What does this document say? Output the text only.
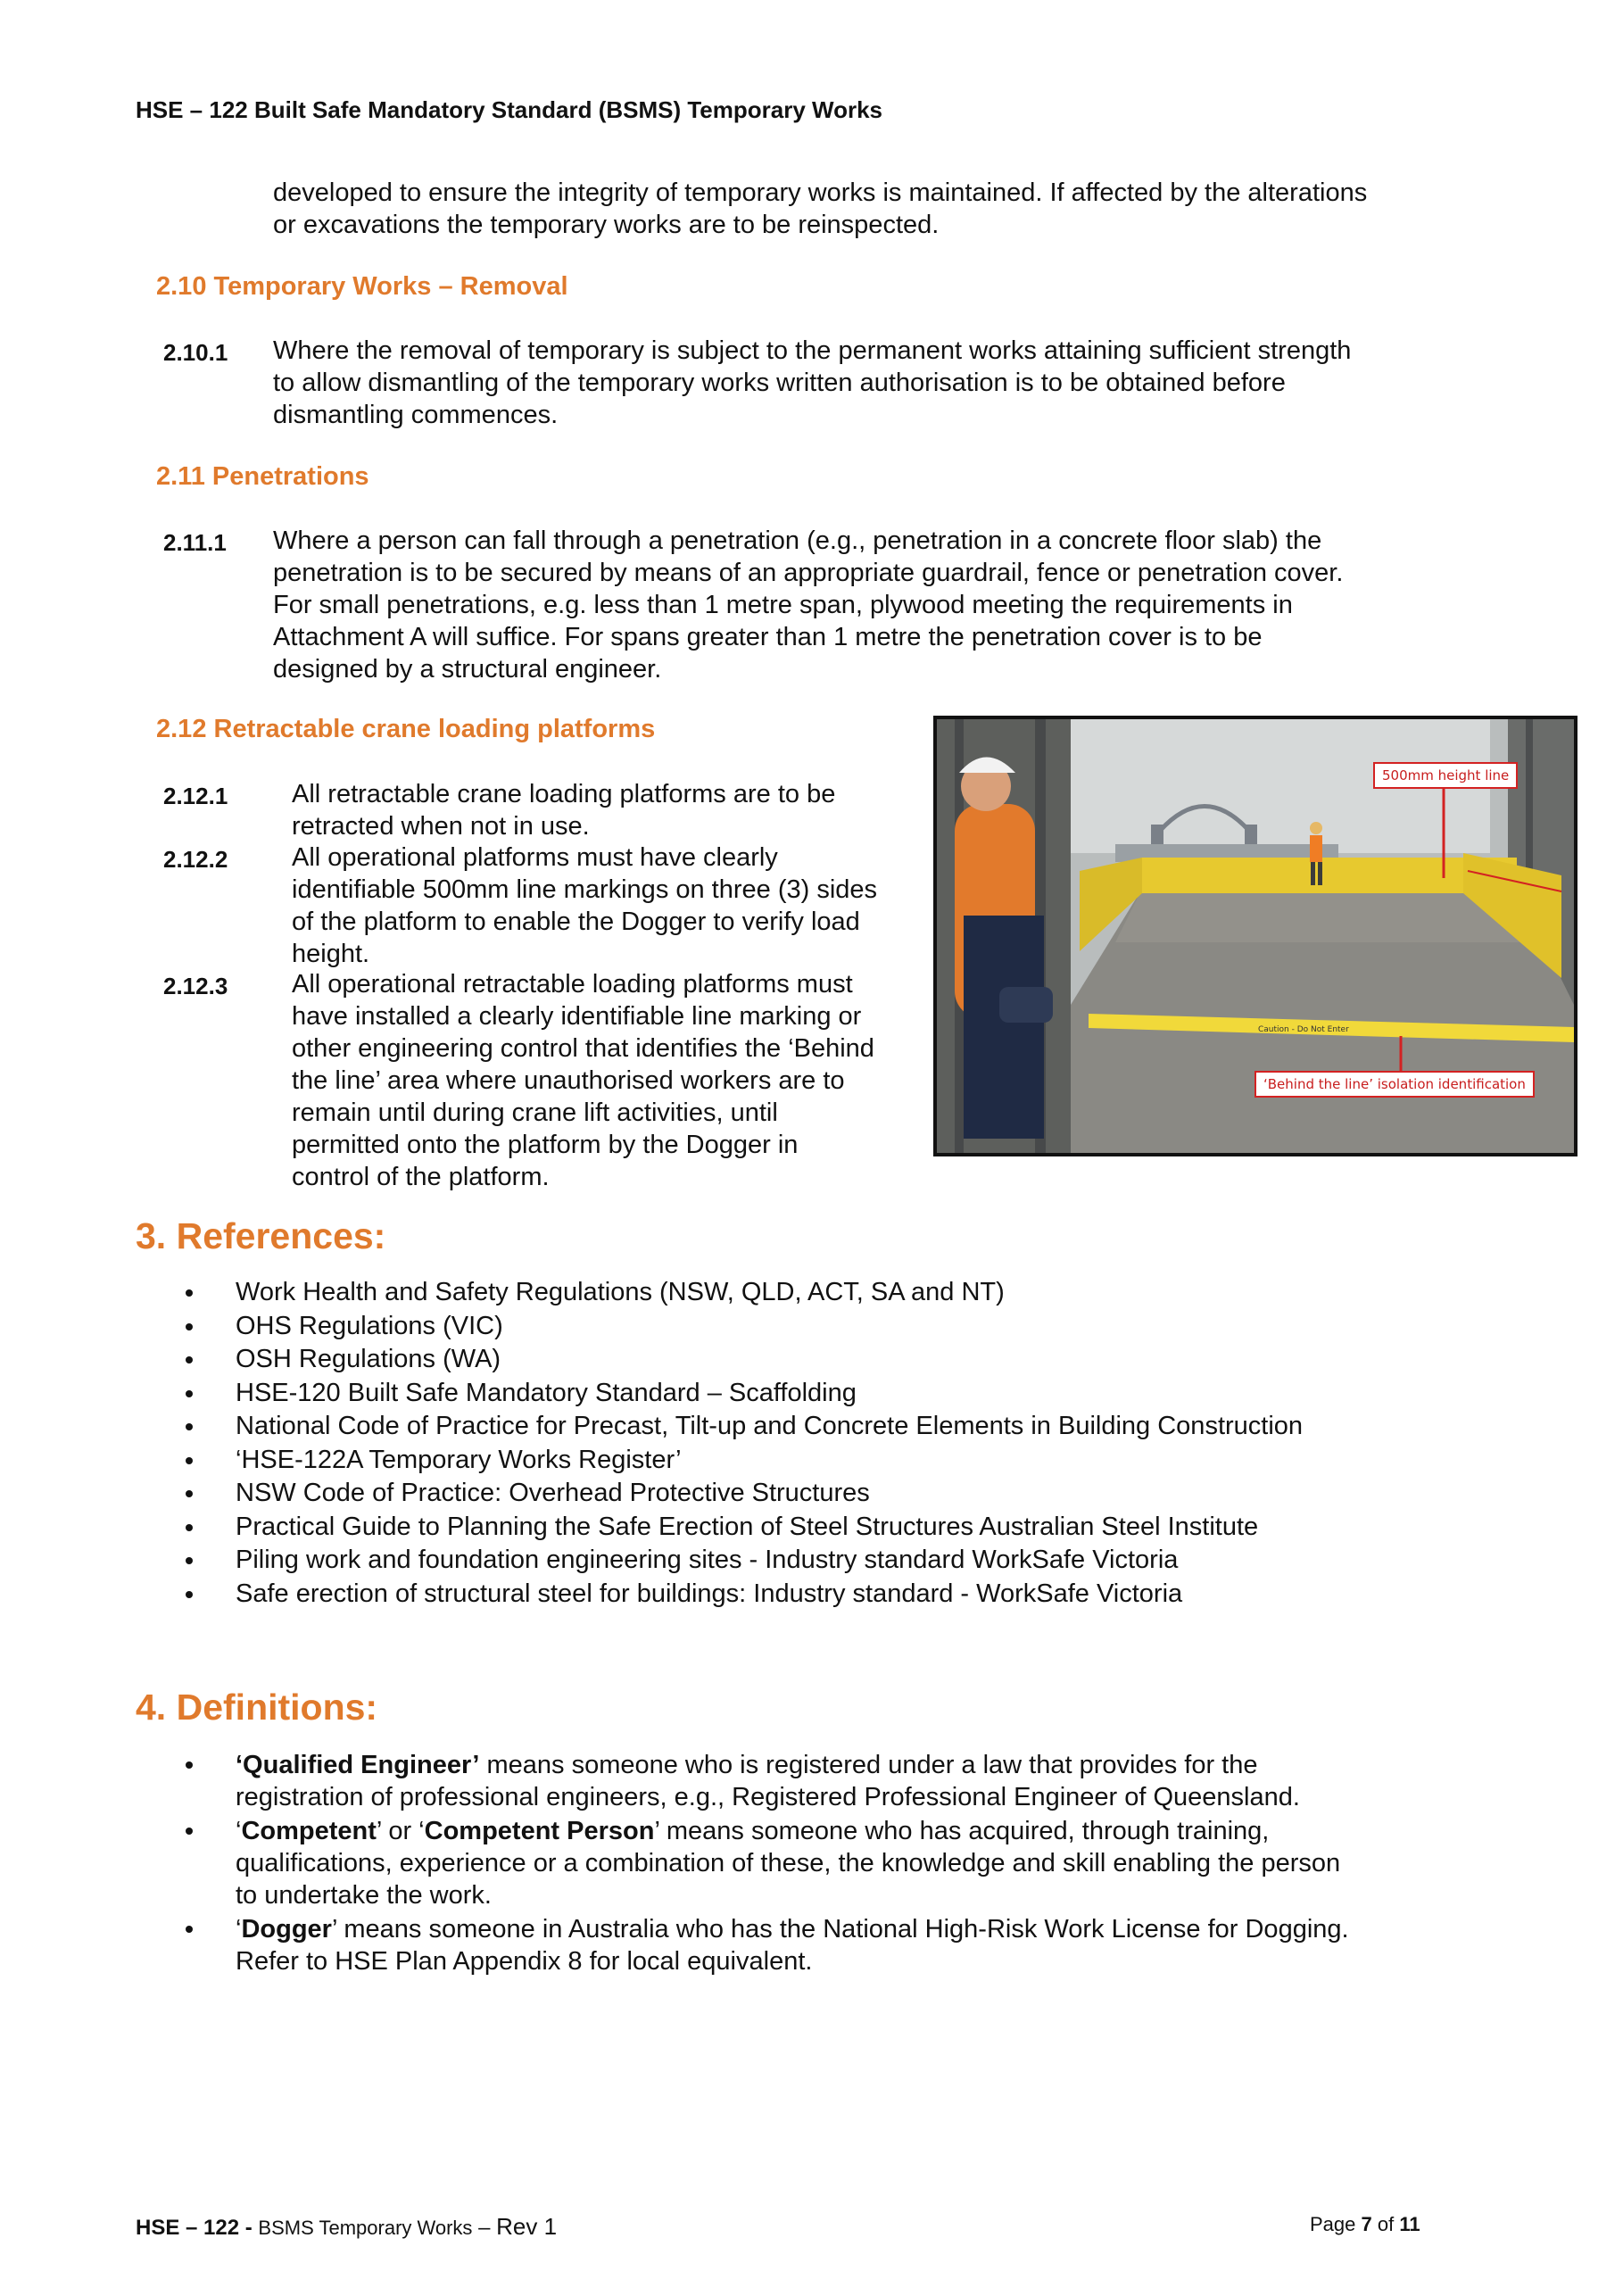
HSE – 122 Built Safe Mandatory Standard (BSMS) Temporary Works
developed to ensure the integrity of temporary works is maintained. If affected by the alterations
or excavations the temporary works are to be reinspected.
2.10 Temporary Works – Removal
2.10.1 Where the removal of temporary is subject to the permanent works attaining sufficient strength
to allow dismantling of the temporary works written authorisation is to be obtained before
dismantling commences.
2.11 Penetrations
2.11.1 Where a person can fall through a penetration (e.g., penetration in a concrete floor slab) the
penetration is to be secured by means of an appropriate guardrail, fence or penetration cover.
For small penetrations, e.g. less than 1 metre span, plywood meeting the requirements in
Attachment A will suffice. For spans greater than 1 metre the penetration cover is to be
designed by a structural engineer.
2.12 Retractable crane loading platforms
2.12.1 All retractable crane loading platforms are to be
retracted when not in use.
2.12.2 All operational platforms must have clearly
identifiable 500mm line markings on three (3) sides
of the platform to enable the Dogger to verify load
height.
2.12.3 All operational retractable loading platforms must
have installed a clearly identifiable line marking or
other engineering control that identifies the ‘Behind
the line’ area where unauthorised workers are to
remain until during crane lift activities, until
permitted onto the platform by the Dogger in
control of the platform.
Caution - Do Not Enter
500mm height line
‘Behind the line’ isolation identification
3. References:
Work Health and Safety Regulations (NSW, QLD, ACT, SA and NT)
OHS Regulations (VIC)
OSH Regulations (WA)
HSE-120 Built Safe Mandatory Standard – Scaffolding
National Code of Practice for Precast, Tilt-up and Concrete Elements in Building Construction
‘HSE-122A Temporary Works Register’
NSW Code of Practice: Overhead Protective Structures
Practical Guide to Planning the Safe Erection of Steel Structures Australian Steel Institute
Piling work and foundation engineering sites - Industry standard WorkSafe Victoria
Safe erection of structural steel for buildings: Industry standard - WorkSafe Victoria
4. Definitions:
‘Qualified Engineer’ means someone who is registered under a law that provides for the
registration of professional engineers, e.g., Registered Professional Engineer of Queensland.
‘Competent’ or ‘Competent Person’ means someone who has acquired, through training,
qualifications, experience or a combination of these, the knowledge and skill enabling the person
to undertake the work.
‘Dogger’ means someone in Australia who has the National High-Risk Work License for Dogging.
Refer to HSE Plan Appendix 8 for local equivalent.
HSE – 122 - BSMS Temporary Works – Rev 1	Page 7 of 11
